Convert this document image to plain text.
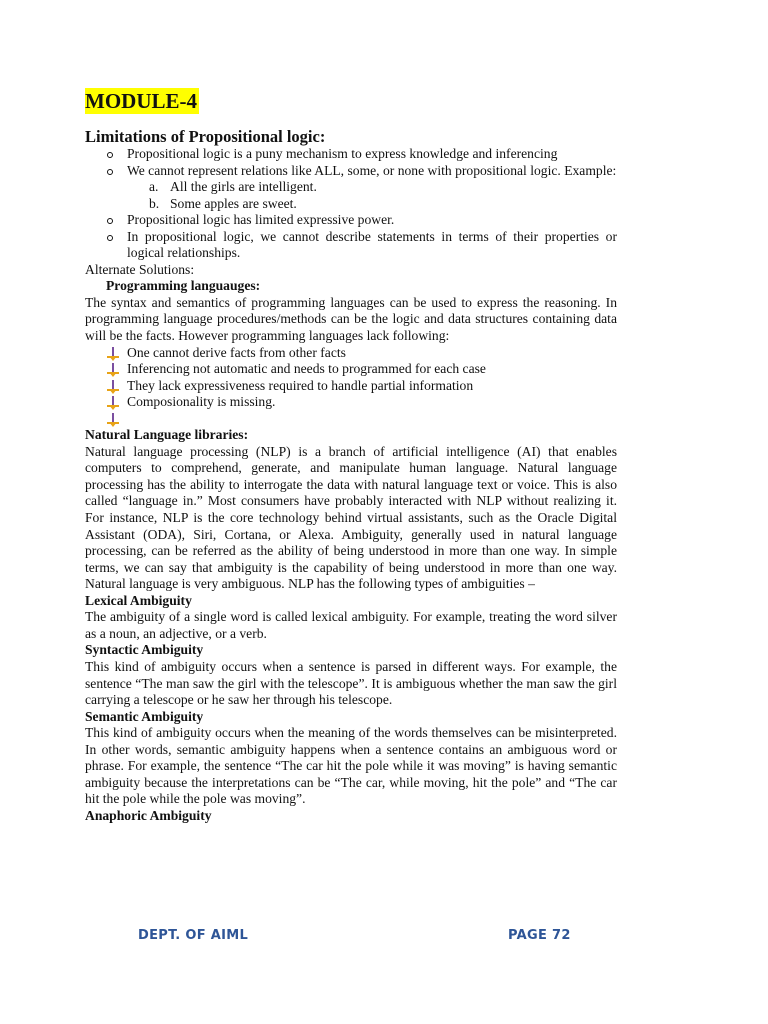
MODULE-4
Limitations of Propositional logic:
Propositional logic is a puny mechanism to express knowledge and inferencing
We cannot represent relations like ALL, some, or none with propositional logic. Example:
a. All the girls are intelligent.
b. Some apples are sweet.
Propositional logic has limited expressive power.
In propositional logic, we cannot describe statements in terms of their properties or logical relationships.

Alternate Solutions:

Programming languauges:

The syntax and semantics of programming languages can be used to express the reasoning. In programming language procedures/methods can be the logic and data structures containing data will be the facts. However programming languages lack following:

One cannot derive facts from other facts
Inferencing not automatic and needs to programmed for each case
They lack expressiveness required to handle partial information
Composionality is missing.

Natural Language libraries:

Natural language processing (NLP) is a branch of artificial intelligence (AI) that enables computers to comprehend, generate, and manipulate human language. Natural language processing has the ability to interrogate the data with natural language text or voice. This is also called “language in.” Most consumers have probably interacted with NLP without realizing it. For instance, NLP is the core technology behind virtual assistants, such as the Oracle Digital Assistant (ODA), Siri, Cortana, or Alexa. Ambiguity, generally used in natural language processing, can be referred as the ability of being understood in more than one way. In simple terms, we can say that ambiguity is the capability of being understood in more than one way. Natural language is very ambiguous. NLP has the following types of ambiguities –

Lexical Ambiguity

The ambiguity of a single word is called lexical ambiguity. For example, treating the word silver as a noun, an adjective, or a verb.

Syntactic Ambiguity

This kind of ambiguity occurs when a sentence is parsed in different ways. For example, the sentence “The man saw the girl with the telescope”. It is ambiguous whether the man saw the girl carrying a telescope or he saw her through his telescope.

Semantic Ambiguity

This kind of ambiguity occurs when the meaning of the words themselves can be misinterpreted. In other words, semantic ambiguity happens when a sentence contains an ambiguous word or phrase. For example, the sentence “The car hit the pole while it was moving” is having semantic ambiguity because the interpretations can be “The car, while moving, hit the pole” and “The car hit the pole while the pole was moving”.

Anaphoric Ambiguity

DEPT. OF AIML	PAGE 72
